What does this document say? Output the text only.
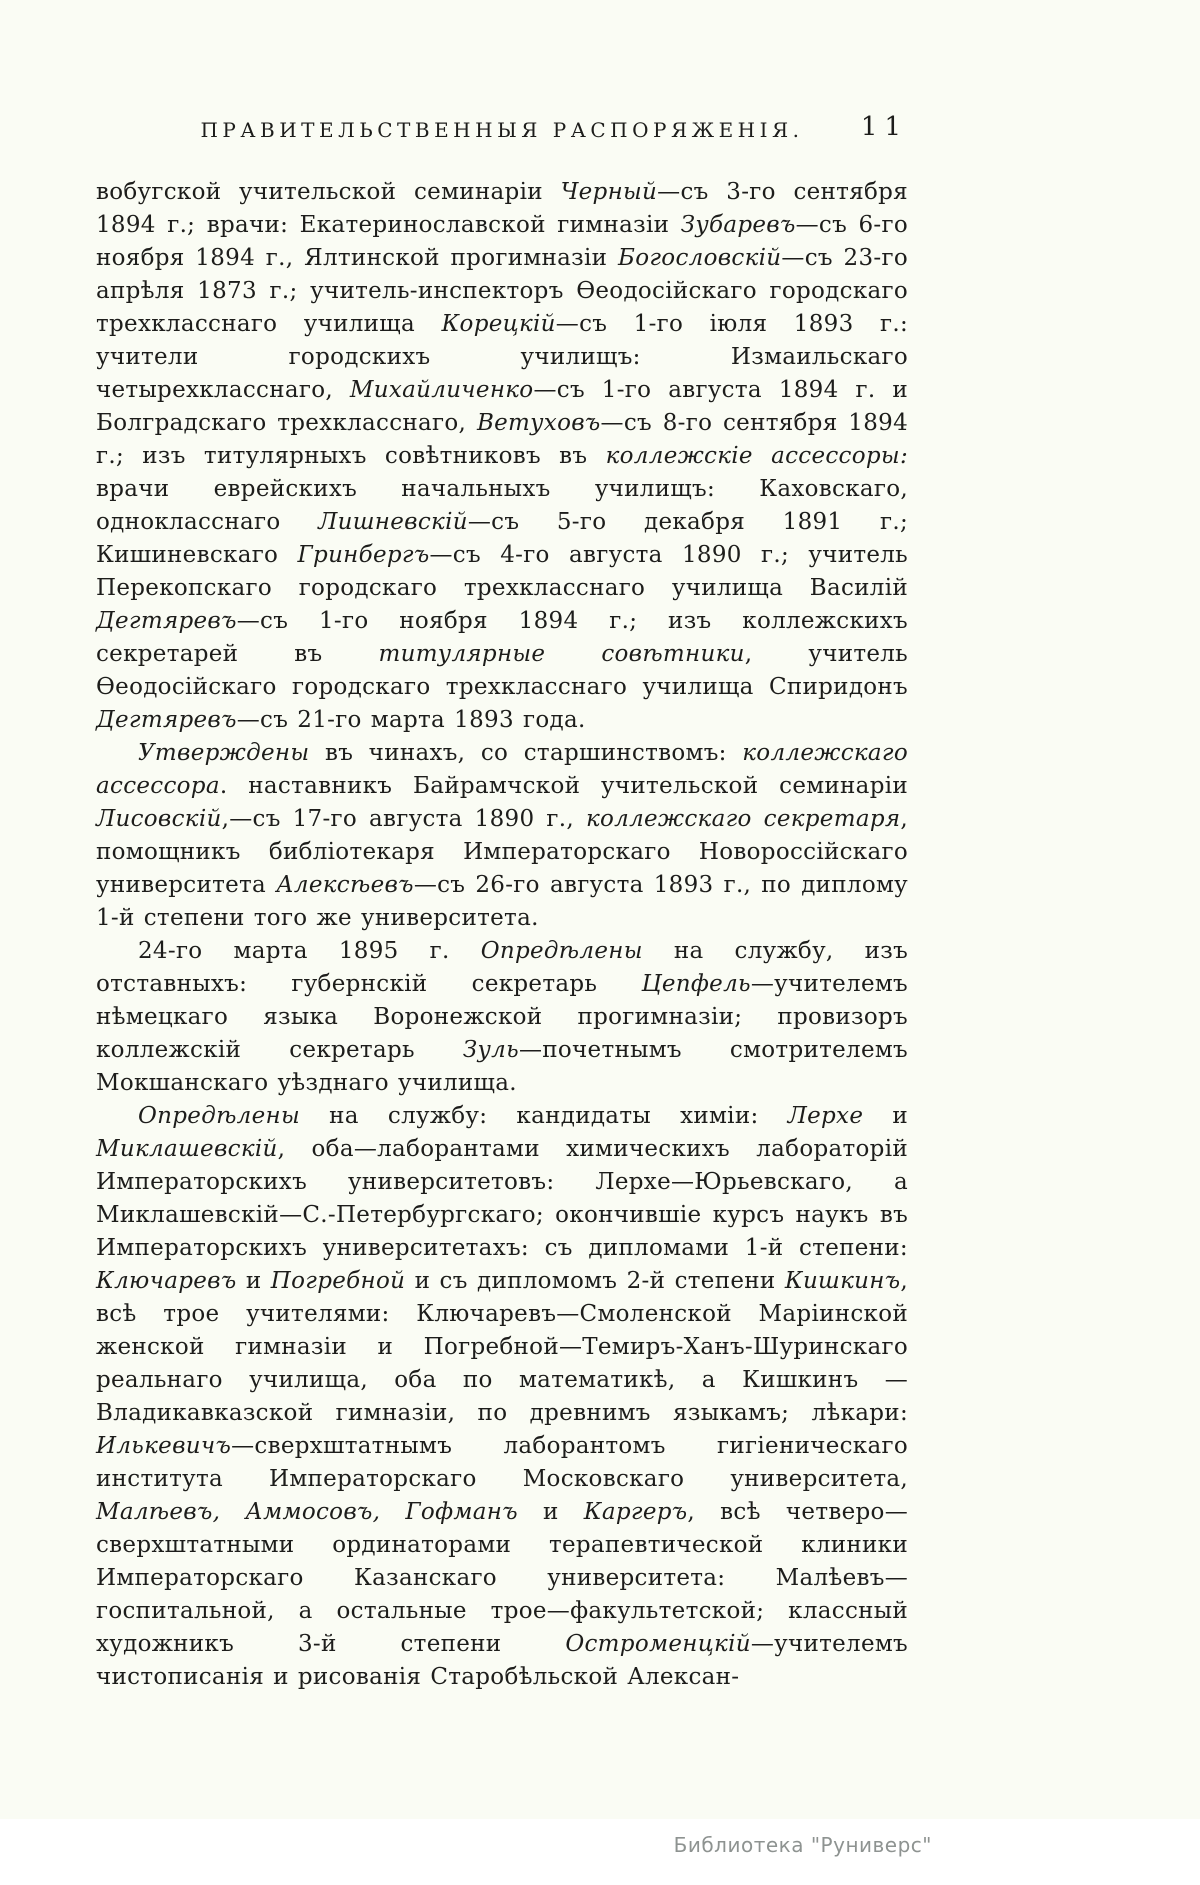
ПРАВИТЕЛЬСТВЕННЫЯ РАСПОРЯЖЕНІЯ.	11

вобугской учительской семинаріи Черный—съ 3-го сентября 1894 г.; врачи: Екатеринославской гимназіи Зубаревъ—съ 6-го ноября 1894 г., Ялтинской прогимназіи Богословскій—съ 23-го апрѣля 1873 г.; учитель-инспекторъ Ѳеодосійскаго городскаго трехкласснаго училища Корецкій—съ 1-го іюля 1893 г.: учители городскихъ училищъ: Измаильскаго четырехкласснаго, Михайличенко—съ 1-го августа 1894 г. и Болградскаго трехкласснаго, Ветуховъ—съ 8-го сентября 1894 г.; изъ титулярныхъ совѣтниковъ въ коллежскіе ассессоры: врачи еврейскихъ начальныхъ училищъ: Каховскаго, однокласснаго Лишневскій—съ 5-го декабря 1891 г.; Кишиневскаго Гринбергъ—съ 4-го августа 1890 г.; учитель Перекопскаго городскаго трехкласснаго училища Василій Дегтяревъ—съ 1-го ноября 1894 г.; изъ коллежскихъ секретарей въ титулярные совѣтники, учитель Ѳеодосійскаго городскаго трехкласснаго училища Спиридонъ Дегтяревъ—съ 21-го марта 1893 года.

Утверждены въ чинахъ, со старшинствомъ: коллежскаго ассессора. наставникъ Байрамчской учительской семинаріи Лисовскій,—съ 17-го августа 1890 г., коллежскаго секретаря, помощникъ библіотекаря Императорскаго Новороссійскаго университета Алексѣевъ—съ 26-го августа 1893 г., по диплому 1-й степени того же университета.

24-го марта 1895 г. Опредѣлены на службу, изъ отставныхъ: губернскій секретарь Цепфель—учителемъ нѣмецкаго языка Воронежской прогимназіи; провизоръ коллежскій секретарь Зуль—почетнымъ смотрителемъ Мокшанскаго уѣзднаго училища.

Опредѣлены на службу: кандидаты химіи: Лерхе и Миклашевскій, оба—лаборантами химическихъ лабораторій Императорскихъ университетовъ: Лерхе—Юрьевскаго, а Миклашевскій—С.-Петербургскаго; окончившіе курсъ наукъ въ Императорскихъ университетахъ: съ дипломами 1-й степени: Ключаревъ и Погребной и съ дипломомъ 2-й степени Кишкинъ, всѣ трое учителями: Ключаревъ—Смоленской Маріинской женской гимназіи и Погребной—Темиръ-Ханъ-Шуринскаго реальнаго училища, оба по математикѣ, а Кишкинъ — Владикавказской гимназіи, по древнимъ языкамъ; лѣкари: Илькевичъ—сверхштатнымъ лаборантомъ гигіеническаго института Императорскаго Московскаго университета, Малѣевъ, Аммосовъ, Гофманъ и Каргеръ, всѣ четверо—сверхштатными ординаторами терапевтической клиники Императорскаго Казанскаго университета: Малѣевъ—госпитальной, а остальные трое—факультетской; классный художникъ 3-й степени Остроменцкій—учителемъ чистописанія и рисованія Старобѣльской Алексан-

Библиотека "Руниверс"
